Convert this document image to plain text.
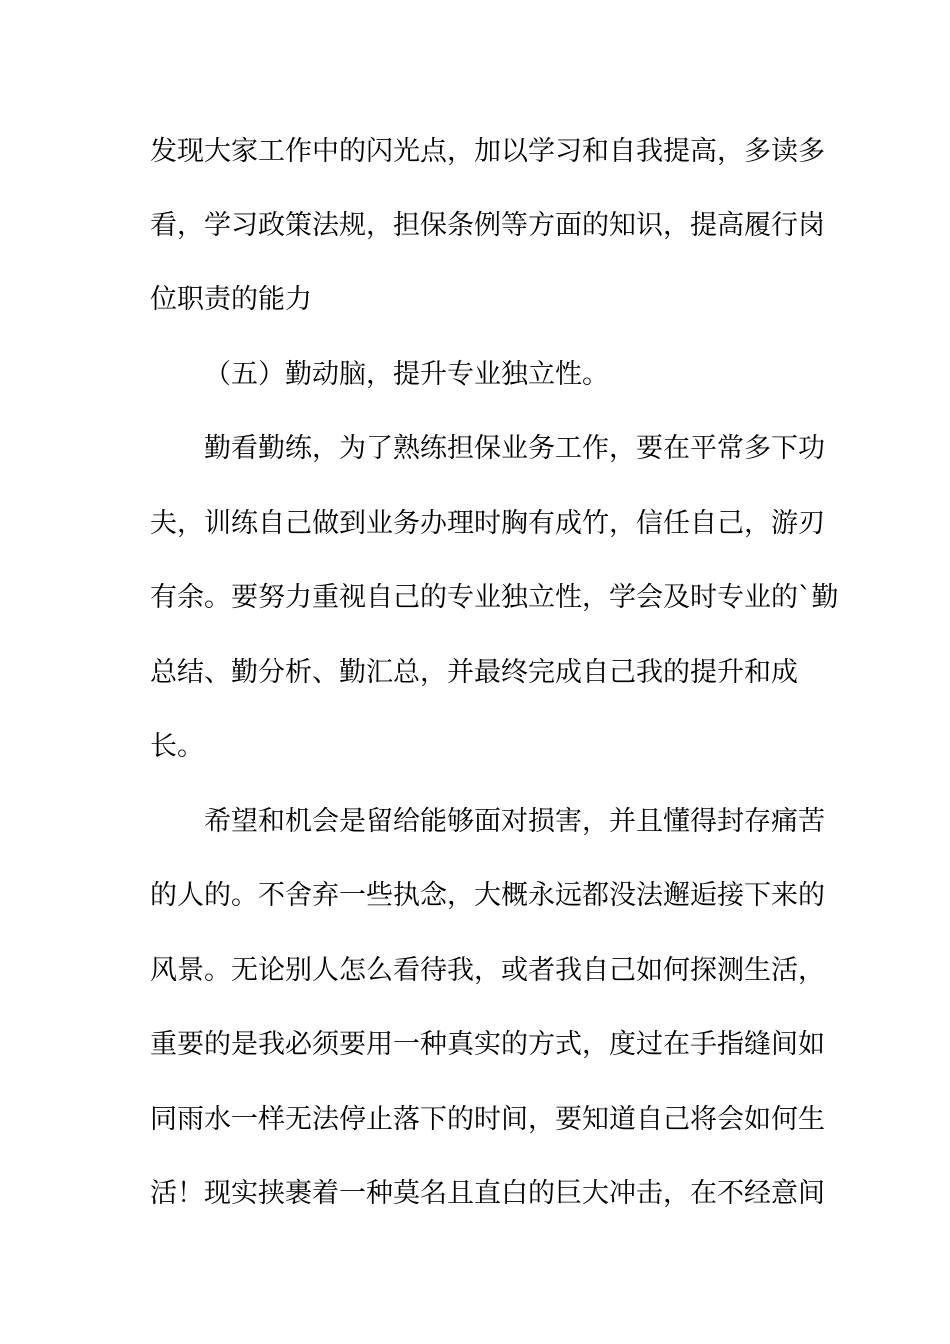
发现大家工作中的闪光点，加以学习和自我提高，多读多
看，学习政策法规，担保条例等方面的知识，提高履行岗
位职责的能力
（五）勤动脑，提升专业独立性。
勤看勤练，为了熟练担保业务工作，要在平常多下功
夫，训练自己做到业务办理时胸有成竹，信任自己，游刃
有余。要努力重视自己的专业独立性，学会及时专业的`勤
总结、勤分析、勤汇总，并最终完成自己我的提升和成
长。
希望和机会是留给能够面对损害，并且懂得封存痛苦
的人的。不舍弃一些执念，大概永远都没法邂逅接下来的
风景。无论别人怎么看待我，或者我自己如何探测生活，
重要的是我必须要用一种真实的方式，度过在手指缝间如
同雨水一样无法停止落下的时间，要知道自己将会如何生
活！现实挟裹着一种莫名且直白的巨大冲击，在不经意间
